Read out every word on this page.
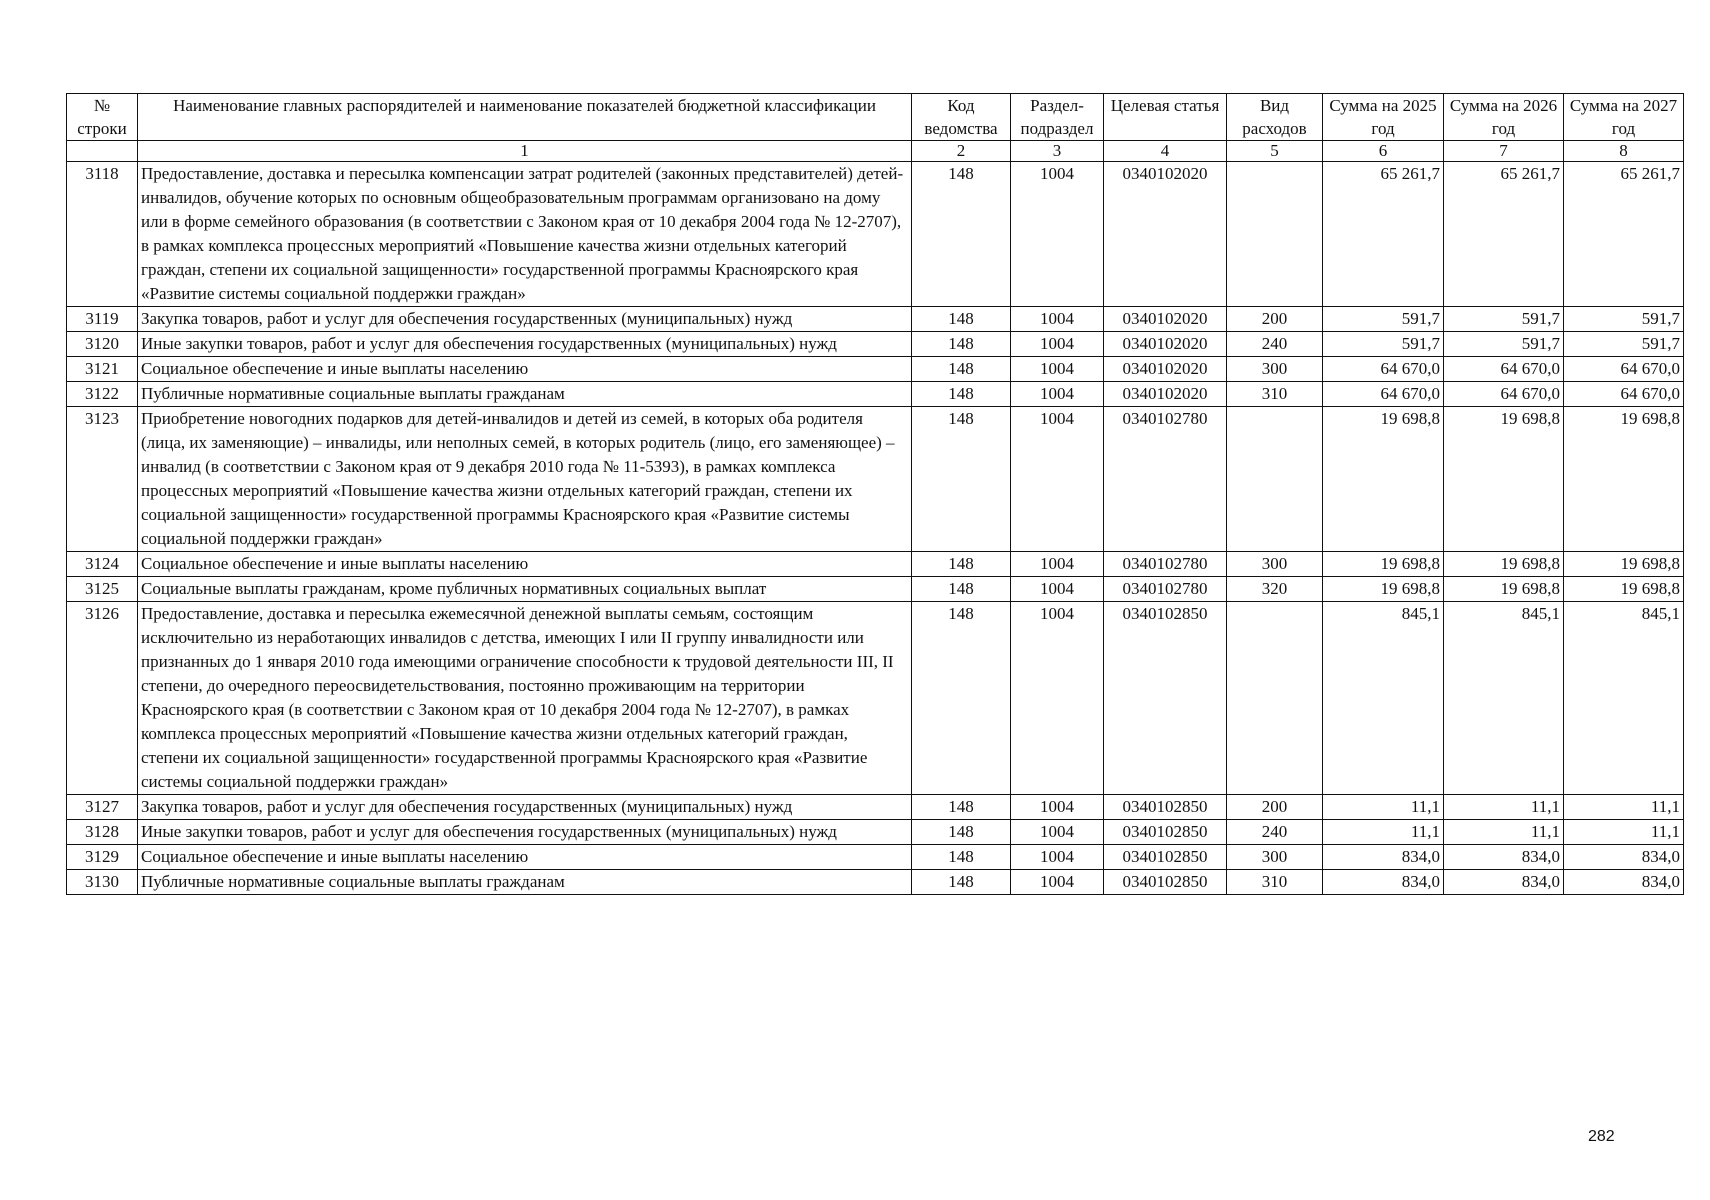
№ строки	Наименование главных распорядителей и наименование показателей бюджетной классификации	Код ведомства	Раздел-подраздел	Целевая статья	Вид расходов	Сумма на 2025 год	Сумма на 2026 год	Сумма на 2027 год
	1	2	3	4	5	6	7	8
3118	Предоставление, доставка и пересылка компенсации затрат родителей (законных представителей) детей-инвалидов, обучение которых по основным общеобразовательным программам организовано на дому или в форме семейного образования (в соответствии с Законом края от 10 декабря 2004 года № 12-2707), в рамках комплекса процессных мероприятий «Повышение качества жизни отдельных категорий граждан, степени их социальной защищенности» государственной программы Красноярского края «Развитие системы социальной поддержки граждан»	148	1004	0340102020		65 261,7	65 261,7	65 261,7
3119	Закупка товаров, работ и услуг для обеспечения государственных (муниципальных) нужд	148	1004	0340102020	200	591,7	591,7	591,7
3120	Иные закупки товаров, работ и услуг для обеспечения государственных (муниципальных) нужд	148	1004	0340102020	240	591,7	591,7	591,7
3121	Социальное обеспечение и иные выплаты населению	148	1004	0340102020	300	64 670,0	64 670,0	64 670,0
3122	Публичные нормативные социальные выплаты гражданам	148	1004	0340102020	310	64 670,0	64 670,0	64 670,0
3123	Приобретение новогодних подарков для детей-инвалидов и детей из семей, в которых оба родителя (лица, их заменяющие) – инвалиды, или неполных семей, в которых родитель (лицо, его заменяющее) – инвалид (в соответствии с Законом края от 9 декабря 2010 года № 11-5393), в рамках комплекса процессных мероприятий «Повышение качества жизни отдельных категорий граждан, степени их социальной защищенности» государственной программы Красноярского края «Развитие системы социальной поддержки граждан»	148	1004	0340102780		19 698,8	19 698,8	19 698,8
3124	Социальное обеспечение и иные выплаты населению	148	1004	0340102780	300	19 698,8	19 698,8	19 698,8
3125	Социальные выплаты гражданам, кроме публичных нормативных социальных выплат	148	1004	0340102780	320	19 698,8	19 698,8	19 698,8
3126	Предоставление, доставка и пересылка ежемесячной денежной выплаты семьям, состоящим исключительно из неработающих инвалидов с детства, имеющих I или II группу инвалидности или признанных до 1 января 2010 года имеющими ограничение способности к трудовой деятельности III, II степени, до очередного переосвидетельствования, постоянно проживающим на территории Красноярского края (в соответствии с Законом края от 10 декабря 2004 года № 12-2707), в рамках комплекса процессных мероприятий «Повышение качества жизни отдельных категорий граждан, степени их социальной защищенности» государственной программы Красноярского края «Развитие системы социальной поддержки граждан»	148	1004	0340102850		845,1	845,1	845,1
3127	Закупка товаров, работ и услуг для обеспечения государственных (муниципальных) нужд	148	1004	0340102850	200	11,1	11,1	11,1
3128	Иные закупки товаров, работ и услуг для обеспечения государственных (муниципальных) нужд	148	1004	0340102850	240	11,1	11,1	11,1
3129	Социальное обеспечение и иные выплаты населению	148	1004	0340102850	300	834,0	834,0	834,0
3130	Публичные нормативные социальные выплаты гражданам	148	1004	0340102850	310	834,0	834,0	834,0
282
